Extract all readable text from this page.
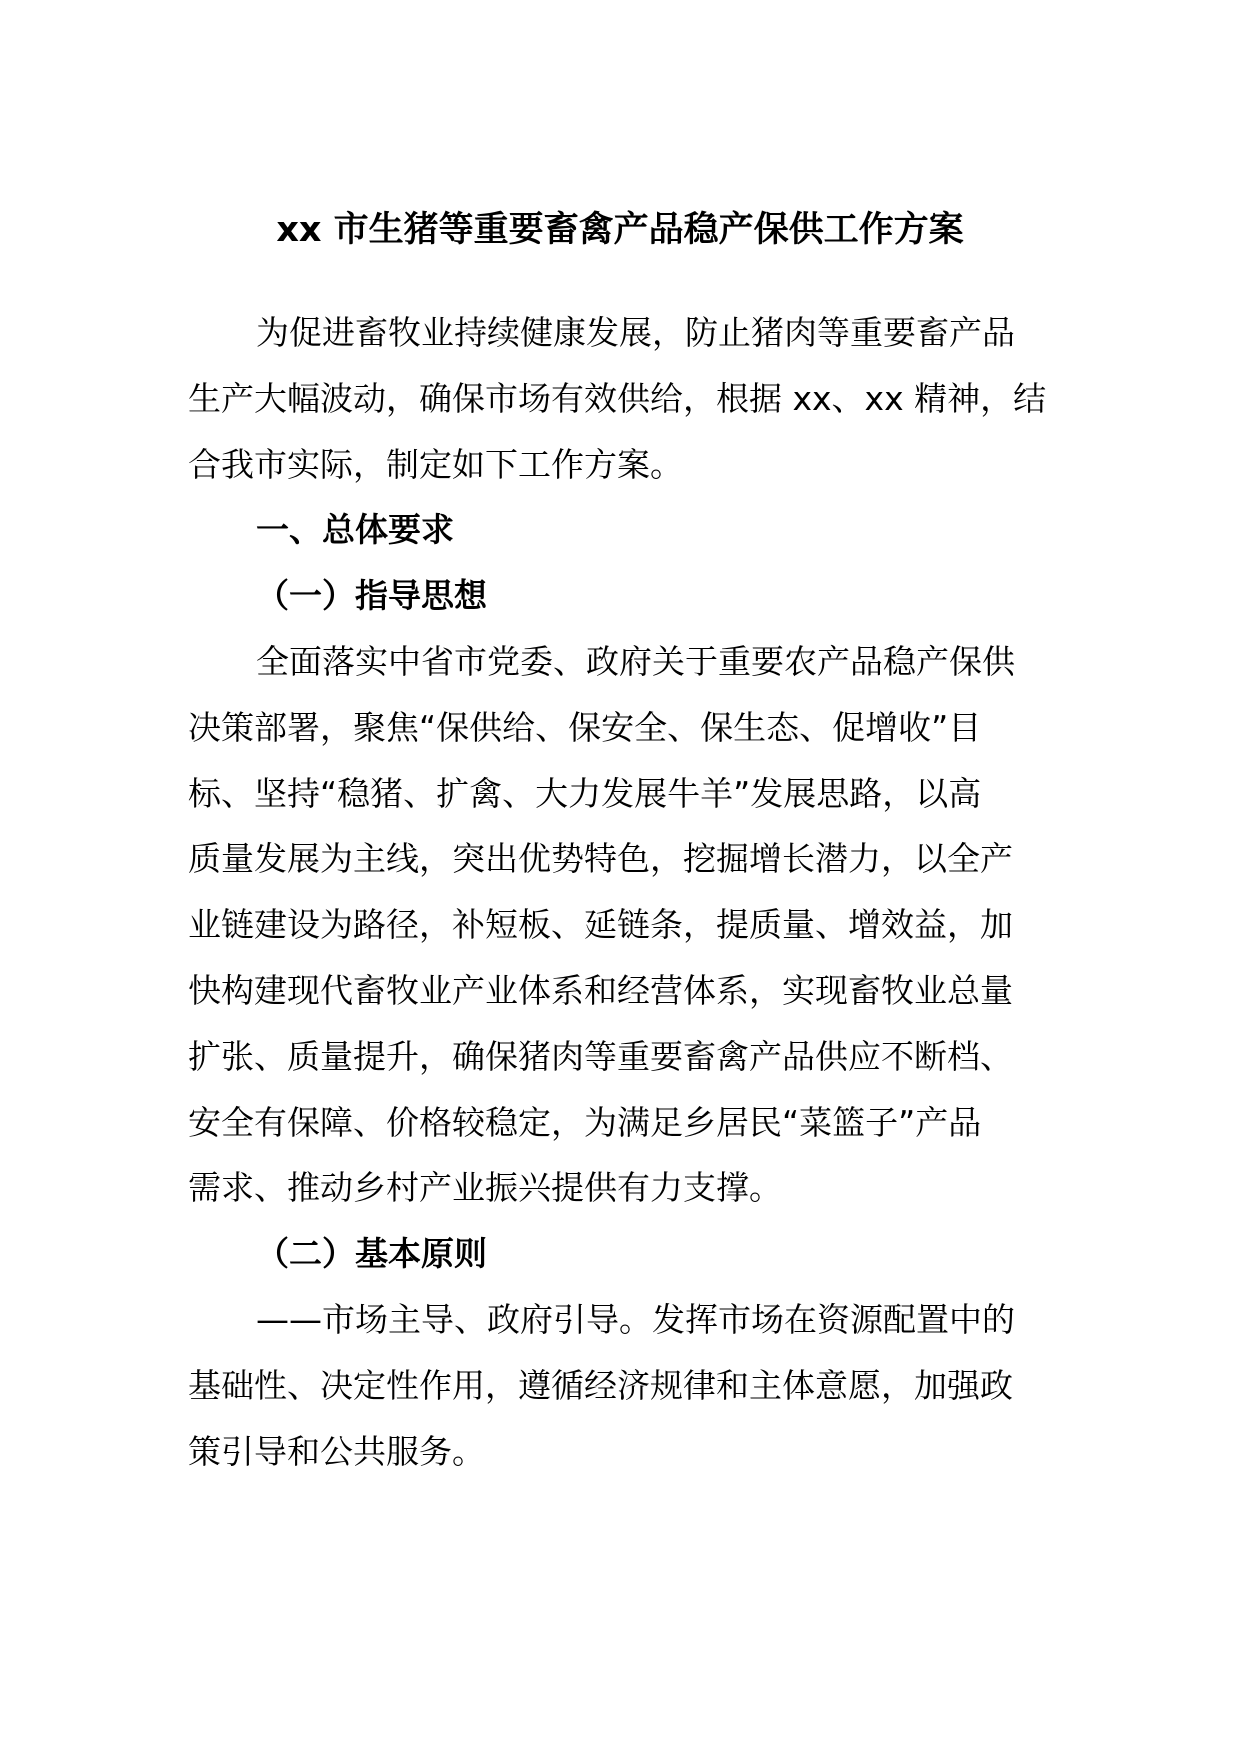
xx 市生猪等重要畜禽产品稳产保供工作方案
为促进畜牧业持续健康发展，防止猪肉等重要畜产品
生产大幅波动，确保市场有效供给，根据 xx、xx 精神，结
合我市实际，制定如下工作方案。
一、总体要求
（一）指导思想
全面落实中省市党委、政府关于重要农产品稳产保供
决策部署，聚焦“保供给、保安全、保生态、促增收”目
标、坚持“稳猪、扩禽、大力发展牛羊”发展思路，以高
质量发展为主线，突出优势特色，挖掘增长潜力，以全产
业链建设为路径，补短板、延链条，提质量、增效益，加
快构建现代畜牧业产业体系和经营体系，实现畜牧业总量
扩张、质量提升，确保猪肉等重要畜禽产品供应不断档、
安全有保障、价格较稳定，为满足乡居民“菜篮子”产品
需求、推动乡村产业振兴提供有力支撑。
（二）基本原则
——市场主导、政府引导。发挥市场在资源配置中的
基础性、决定性作用，遵循经济规律和主体意愿，加强政
策引导和公共服务。
